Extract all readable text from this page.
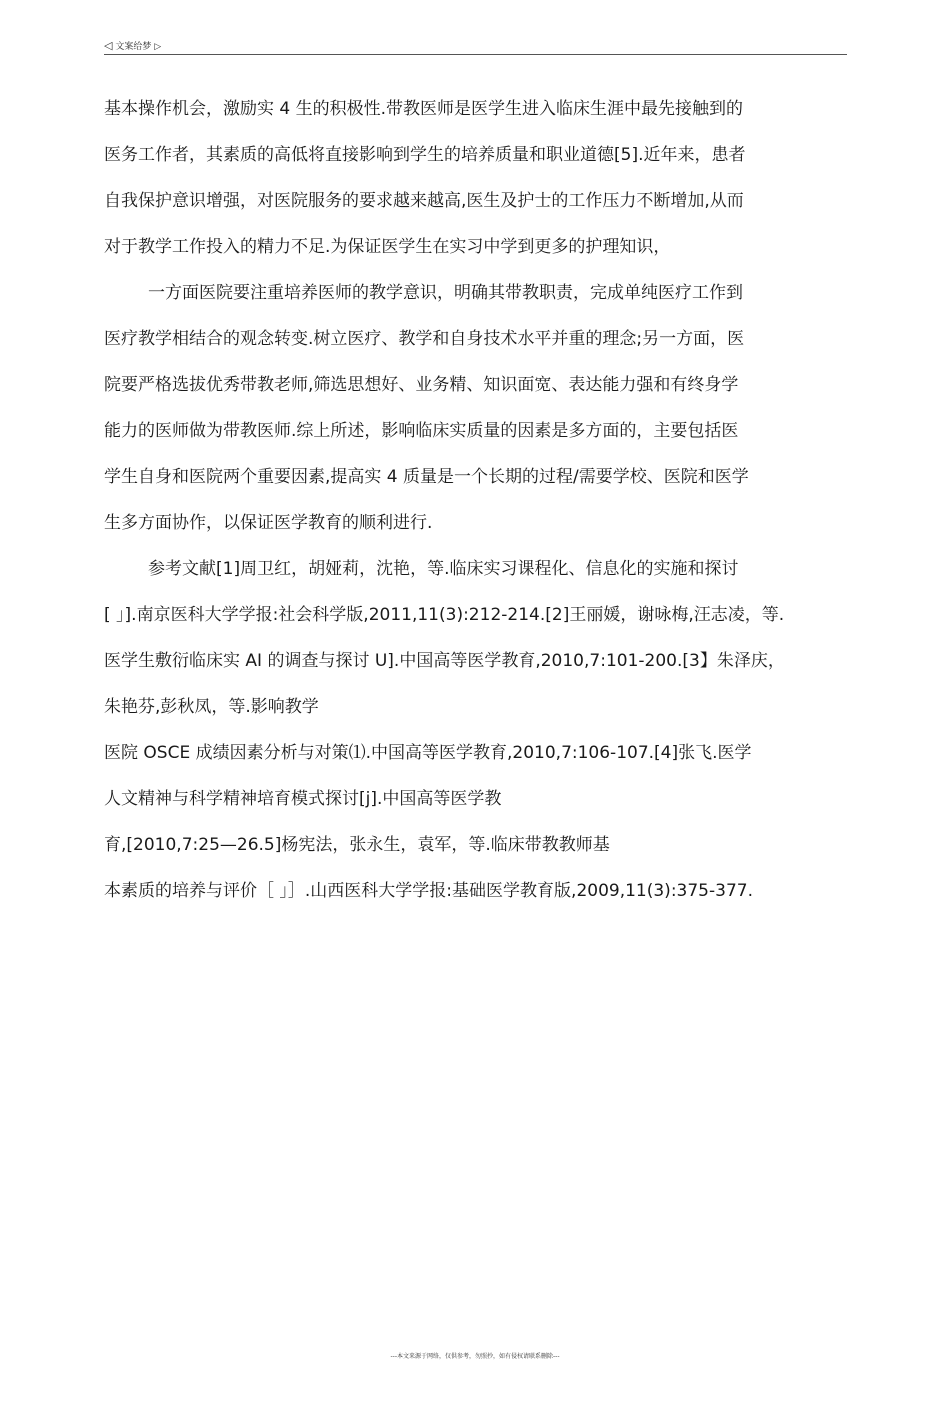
◁ 文案给梦 ▷
基本操作机会，激励实 4 生的积极性.带教医师是医学生进入临床生涯中最先接触到的
医务工作者，其素质的高低将直接影响到学生的培养质量和职业道德[5].近年来，患者
自我保护意识增强，对医院服务的要求越来越高,医生及护士的工作压力不断增加,从而
对于教学工作投入的精力不足.为保证医学生在实习中学到更多的护理知识，
一方面医院要注重培养医师的教学意识，明确其带教职责，完成单纯医疗工作到
医疗教学相结合的观念转变.树立医疗、教学和自身技术水平并重的理念;另一方面，医
院要严格选拔优秀带教老师,筛选思想好、业务精、知识面宽、表达能力强和有终身学
能力的医师做为带教医师.综上所述，影响临床实质量的因素是多方面的，主要包括医
学生自身和医院两个重要因素,提高实 4 质量是一个长期的过程/需要学校、医院和医学
生多方面协作，以保证医学教育的顺利进行.
参考文献[1]周卫红，胡娅莉，沈艳，等.临床实习课程化、信息化的实施和探讨
[ 」].南京医科大学学报:社会科学版,2011,11(3):212-214.[2]王丽媛，谢咏梅,汪志凌，等.
医学生敷衍临床实 AI 的调查与探讨 U].中国高等医学教育,2010,7:101-200.[3】朱泽庆，
朱艳芬,彭秋凤，等.影响教学
医院 OSCE 成绩因素分析与对策⑴.中国高等医学教育,2010,7:106-107.[4]张飞.医学
人文精神与科学精神培育模式探讨[j].中国高等医学教
育,[2010,7:25—26.5]杨宪法，张永生，袁军，等.临床带教教师基
本素质的培养与评价［ 」］.山西医科大学学报:基础医学教育版,2009,11(3):375-377.
---本文来源于网络，仅供参考，勿照抄，如有侵权请联系删除---
